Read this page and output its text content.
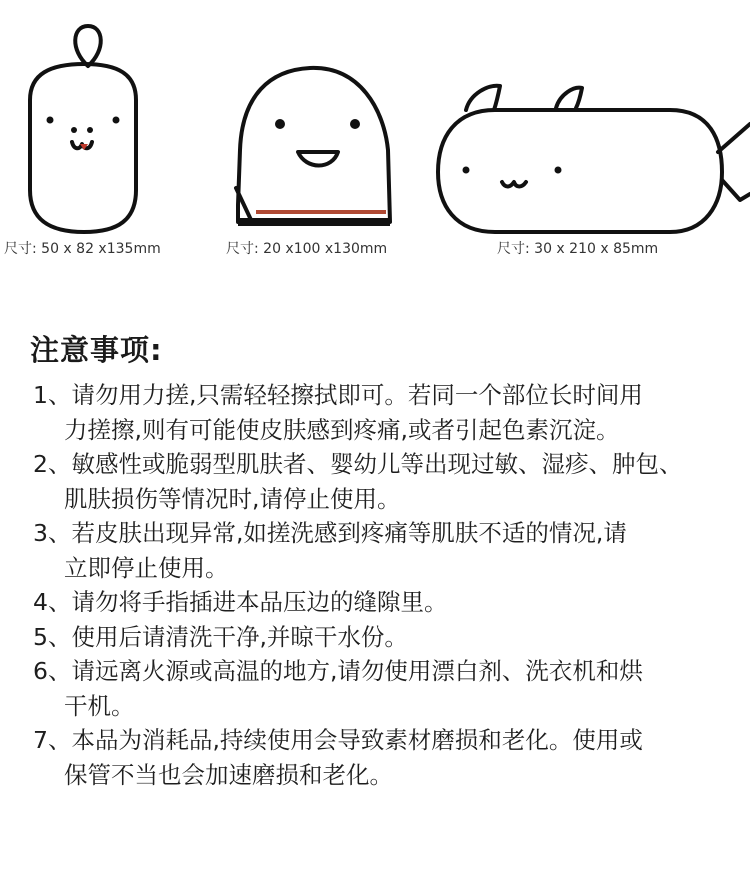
尺寸: 50 x 82 x135mm	尺寸: 20 x100 x130mm	尺寸: 30 x 210 x 85mm
注意事项:
1、请勿用力搓,只需轻轻擦拭即可。若同一个部位长时间用
力搓擦,则有可能使皮肤感到疼痛,或者引起色素沉淀。
2、敏感性或脆弱型肌肤者、婴幼儿等出现过敏、湿疹、肿包、
肌肤损伤等情况时,请停止使用。
3、若皮肤出现异常,如搓洗感到疼痛等肌肤不适的情况,请
立即停止使用。
4、请勿将手指插进本品压边的缝隙里。
5、使用后请清洗干净,并晾干水份。
6、请远离火源或高温的地方,请勿使用漂白剂、洗衣机和烘
干机。
7、本品为消耗品,持续使用会导致素材磨损和老化。使用或
保管不当也会加速磨损和老化。
